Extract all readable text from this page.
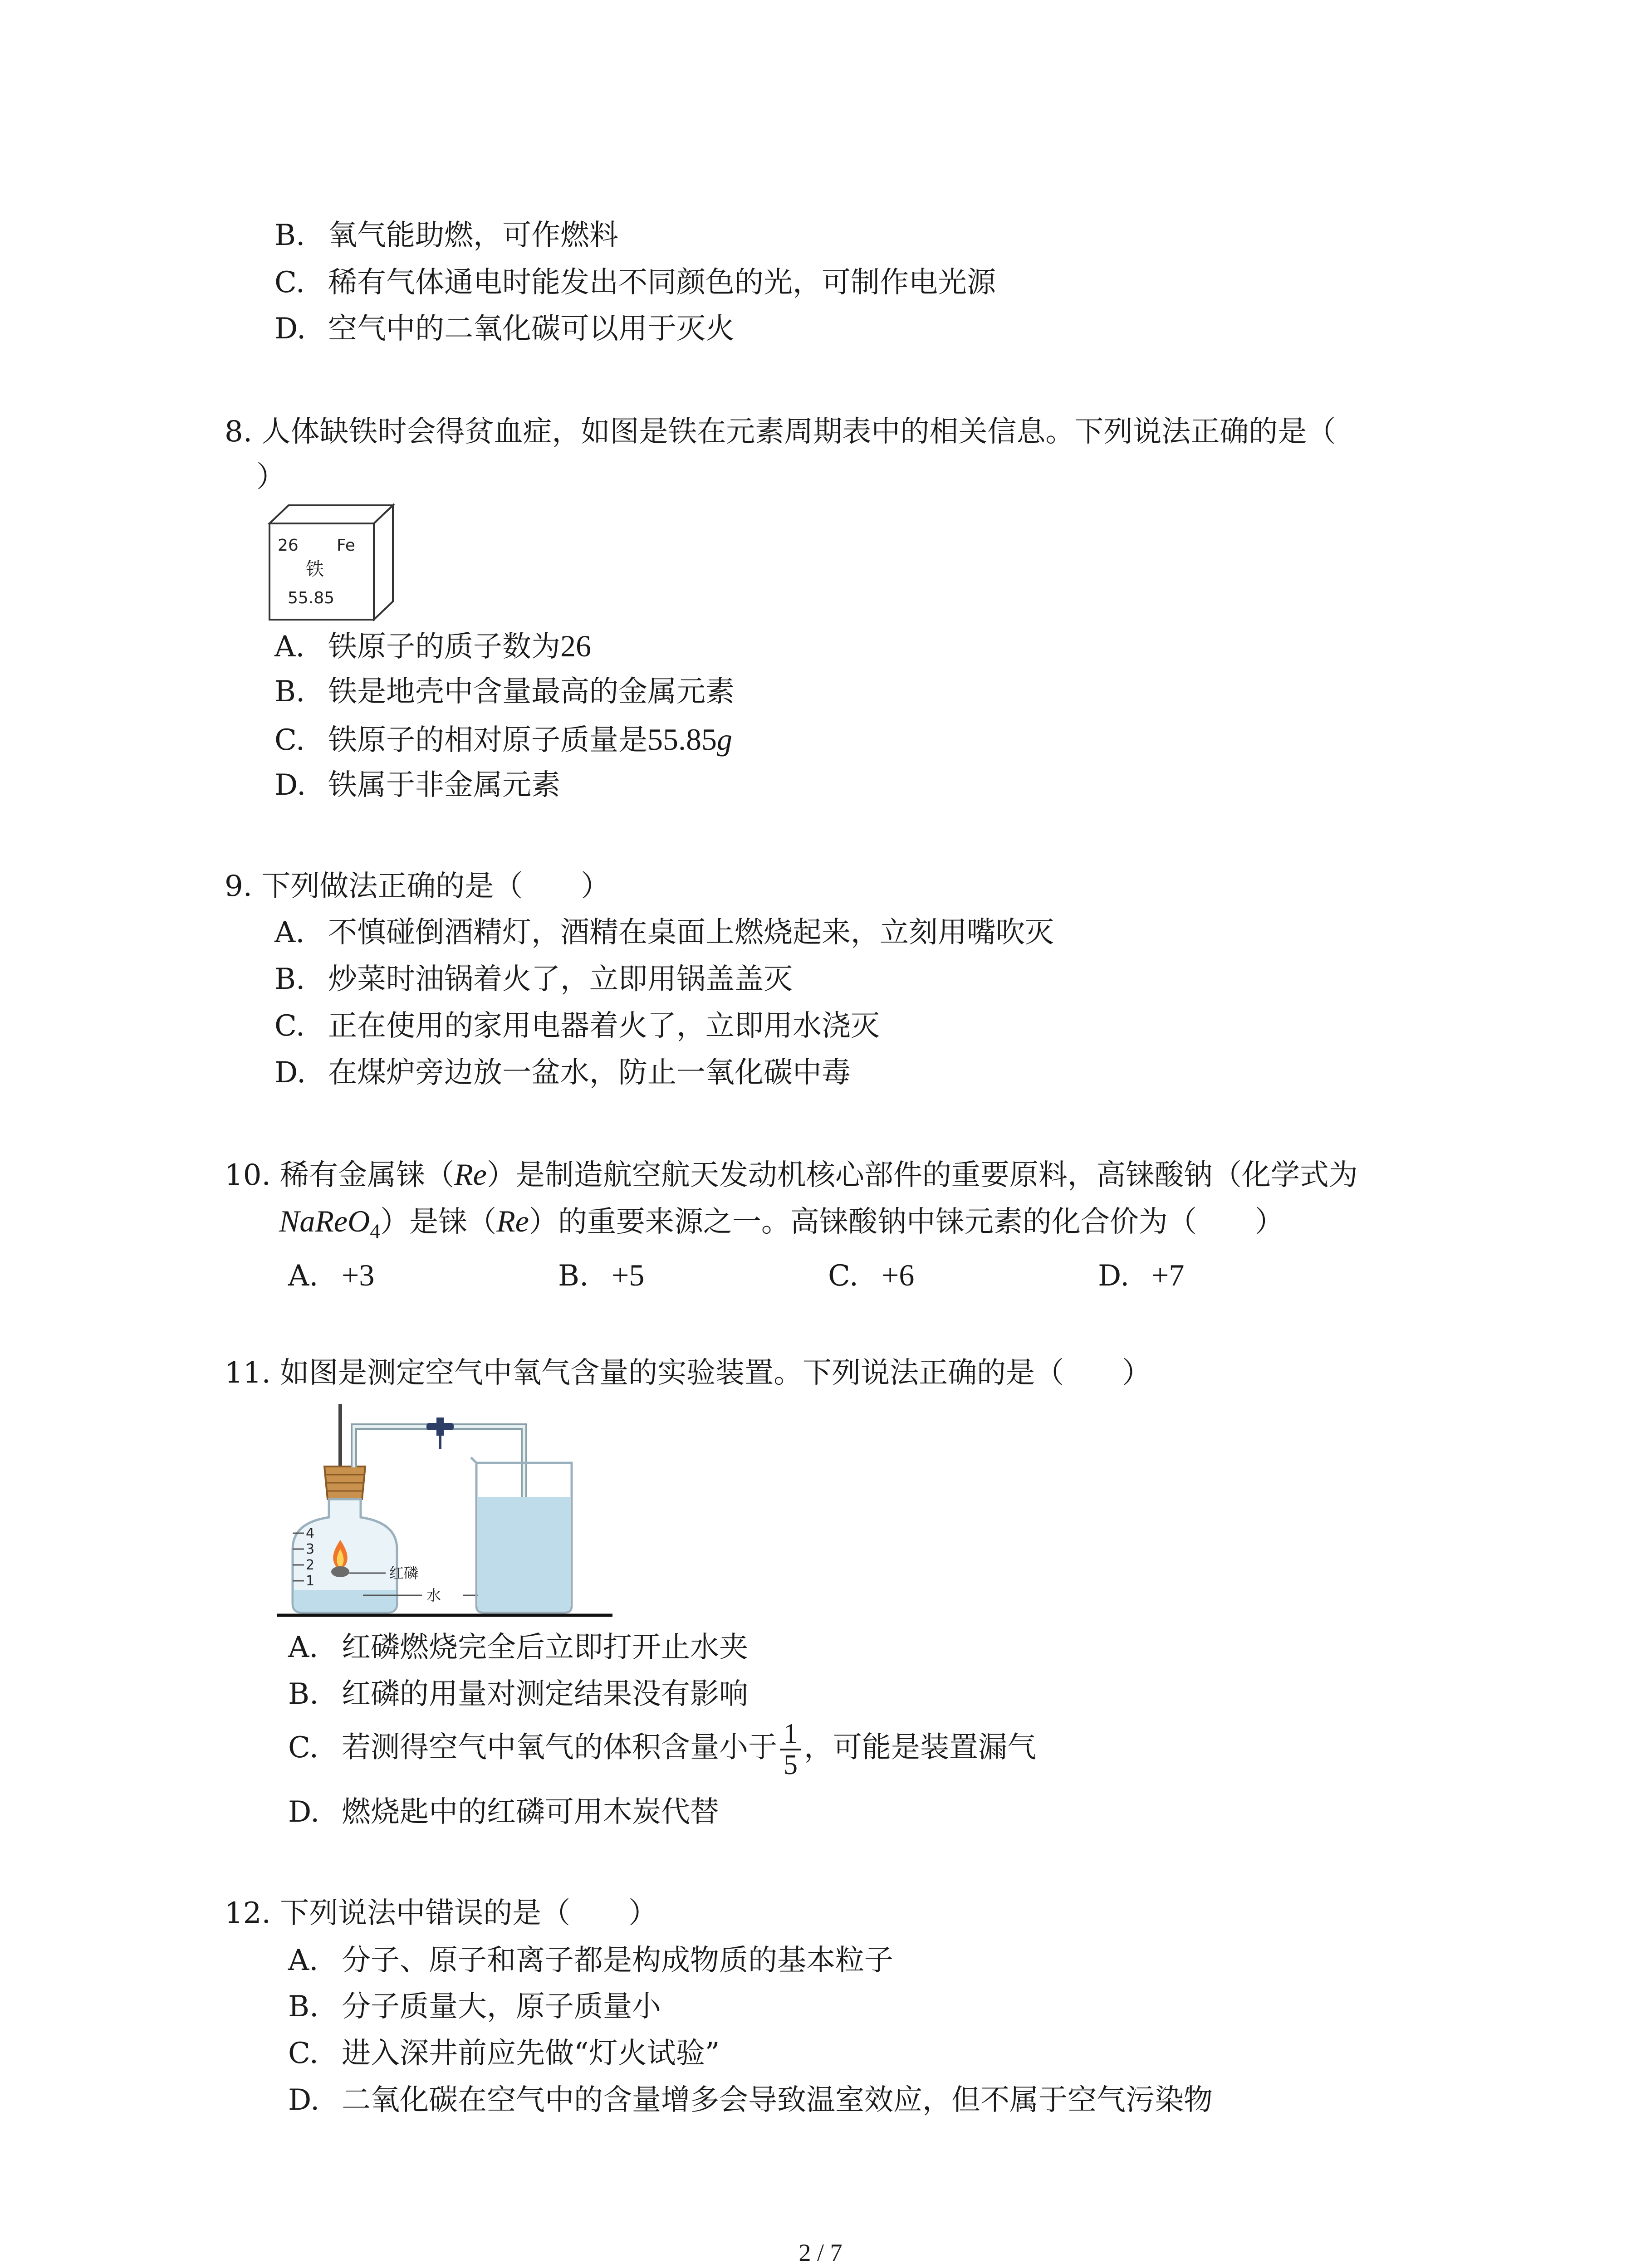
B. 氧气能助燃，可作燃料
C. 稀有气体通电时能发出不同颜色的光，可制作电光源
D. 空气中的二氧化碳可以用于灭火
8. 人体缺铁时会得贫血症，如图是铁在元素周期表中的相关信息。下列说法正确的是（
）
26 Fe
铁
55.85
A. 铁原子的质子数为26
B. 铁是地壳中含量最高的金属元素
C. 铁原子的相对原子质量是55.85g
D. 铁属于非金属元素
9. 下列做法正确的是（　　）
A. 不慎碰倒酒精灯，酒精在桌面上燃烧起来，立刻用嘴吹灭
B. 炒菜时油锅着火了，立即用锅盖盖灭
C. 正在使用的家用电器着火了，立即用水浇灭
D. 在煤炉旁边放一盆水，防止一氧化碳中毒
10. 稀有金属铼（Re）是制造航空航天发动机核心部件的重要原料，高铼酸钠（化学式为
NaReO$_4$）是铼（Re）的重要来源之一。高铼酸钠中铼元素的化合价为（　　）
A. +3	B. +5	C. +6	D. +7
11. 如图是测定空气中氧气含量的实验装置。下列说法正确的是（　　）
4
3
2
1	红磷
水
A. 红磷燃烧完全后立即打开止水夹
B. 红磷的用量对测定结果没有影响
C. 若测得空气中氧气的体积含量小于 $\frac{1}{5}$ ，可能是装置漏气
D. 燃烧匙中的红磷可用木炭代替
12. 下列说法中错误的是（　　）
A. 分子、原子和离子都是构成物质的基本粒子
B. 分子质量大，原子质量小
C. 进入深井前应先做“灯火试验”
D. 二氧化碳在空气中的含量增多会导致温室效应，但不属于空气污染物
2 / 7
